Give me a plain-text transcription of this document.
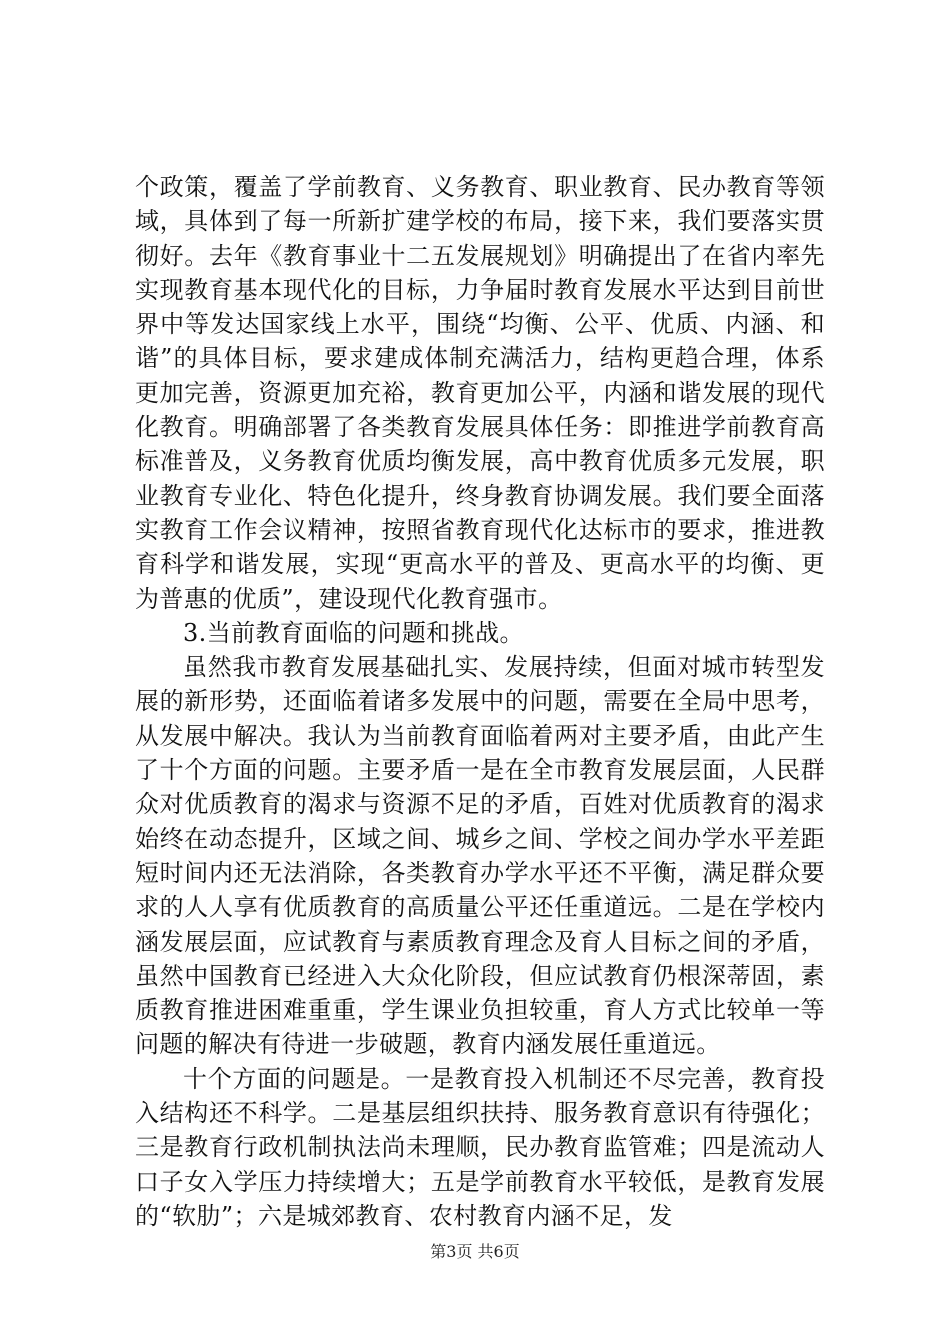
个政策，覆盖了学前教育、义务教育、职业教育、民办教育等领域，具体到了每一所新扩建学校的布局，接下来，我们要落实贯彻好。去年《教育事业十二五发展规划》明确提出了在省内率先实现教育基本现代化的目标，力争届时教育发展水平达到目前世界中等发达国家线上水平，围绕“均衡、公平、优质、内涵、和谐”的具体目标，要求建成体制充满活力，结构更趋合理，体系更加完善，资源更加充裕，教育更加公平，内涵和谐发展的现代化教育。明确部署了各类教育发展具体任务：即推进学前教育高标准普及，义务教育优质均衡发展，高中教育优质多元发展，职业教育专业化、特色化提升，终身教育协调发展。我们要全面落实教育工作会议精神，按照省教育现代化达标市的要求，推进教育科学和谐发展，实现“更高水平的普及、更高水平的均衡、更为普惠的优质”，建设现代化教育强市。

3.当前教育面临的问题和挑战。

虽然我市教育发展基础扎实、发展持续，但面对城市转型发展的新形势，还面临着诸多发展中的问题，需要在全局中思考，从发展中解决。我认为当前教育面临着两对主要矛盾，由此产生了十个方面的问题。主要矛盾一是在全市教育发展层面，人民群众对优质教育的渴求与资源不足的矛盾，百姓对优质教育的渴求始终在动态提升，区域之间、城乡之间、学校之间办学水平差距短时间内还无法消除，各类教育办学水平还不平衡，满足群众要求的人人享有优质教育的高质量公平还任重道远。二是在学校内涵发展层面，应试教育与素质教育理念及育人目标之间的矛盾，虽然中国教育已经进入大众化阶段，但应试教育仍根深蒂固，素质教育推进困难重重，学生课业负担较重，育人方式比较单一等问题的解决有待进一步破题，教育内涵发展任重道远。

十个方面的问题是。一是教育投入机制还不尽完善，教育投入结构还不科学。二是基层组织扶持、服务教育意识有待强化；三是教育行政机制执法尚未理顺，民办教育监管难；四是流动人口子女入学压力持续增大；五是学前教育水平较低，是教育发展的“软肋”；六是城郊教育、农村教育内涵不足，发

第3页 共6页
